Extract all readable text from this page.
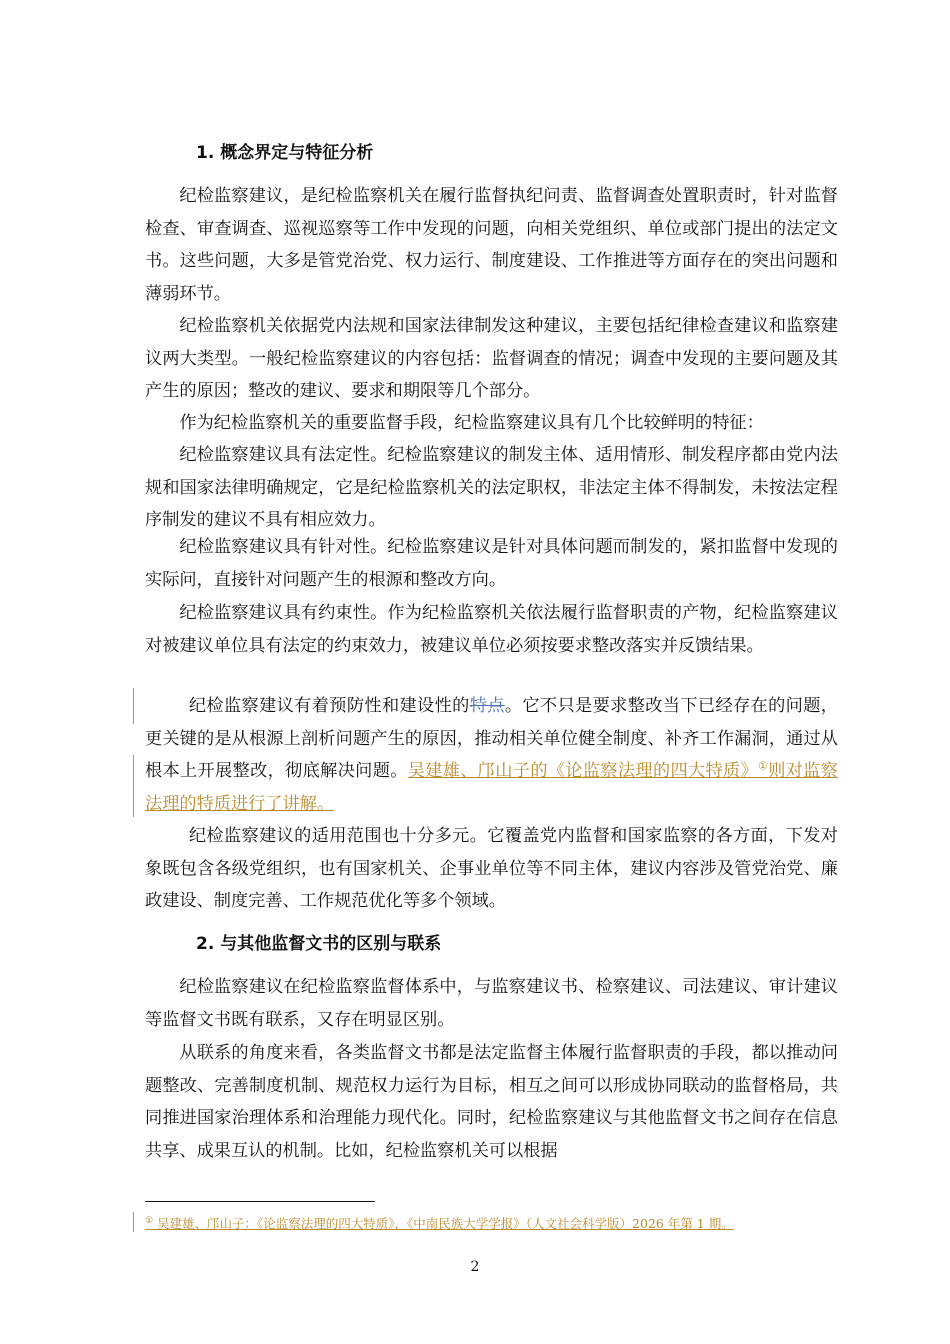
1. 概念界定与特征分析
纪检监察建议，是纪检监察机关在履行监督执纪问责、监督调查处置职责时，针对监督检查、审查调查、巡视巡察等工作中发现的问题，向相关党组织、单位或部门提出的法定文书。这些问题，大多是管党治党、权力运行、制度建设、工作推进等方面存在的突出问题和薄弱环节。
纪检监察机关依据党内法规和国家法律制发这种建议，主要包括纪律检查建议和监察建议两大类型。一般纪检监察建议的内容包括：监督调查的情况；调查中发现的主要问题及其产生的原因；整改的建议、要求和期限等几个部分。
作为纪检监察机关的重要监督手段，纪检监察建议具有几个比较鲜明的特征：
纪检监察建议具有法定性。纪检监察建议的制发主体、适用情形、制发程序都由党内法规和国家法律明确规定，它是纪检监察机关的法定职权，非法定主体不得制发，未按法定程序制发的建议不具有相应效力。
纪检监察建议具有针对性。纪检监察建议是针对具体问题而制发的，紧扣监督中发现的实际问，直接针对问题产生的根源和整改方向。
纪检监察建议具有约束性。作为纪检监察机关依法履行监督职责的产物，纪检监察建议对被建议单位具有法定的约束效力，被建议单位必须按要求整改落实并反馈结果。
纪检监察建议有着预防性和建设性的特点。它不只是要求整改当下已经存在的问题，更关键的是从根源上剖析问题产生的原因，推动相关单位健全制度、补齐工作漏洞，通过从根本上开展整改，彻底解决问题。吴建雄、邝山子的《论监察法理的四大特质》①则对监察法理的特质进行了讲解。
纪检监察建议的适用范围也十分多元。它覆盖党内监督和国家监察的各方面，下发对象既包含各级党组织，也有国家机关、企事业单位等不同主体，建议内容涉及管党治党、廉政建设、制度完善、工作规范优化等多个领域。
2. 与其他监督文书的区别与联系
纪检监察建议在纪检监察监督体系中，与监察建议书、检察建议、司法建议、审计建议等监督文书既有联系，又存在明显区别。
从联系的角度来看，各类监督文书都是法定监督主体履行监督职责的手段，都以推动问题整改、完善制度机制、规范权力运行为目标，相互之间可以形成协同联动的监督格局，共同推进国家治理体系和治理能力现代化。同时，纪检监察建议与其他监督文书之间存在信息共享、成果互认的机制。比如，纪检监察机关可以根据
① 吴建雄、邝山子：《论监察法理的四大特质》，《中南民族大学学报》（人文社会科学版）2026 年第 1 期。
2
